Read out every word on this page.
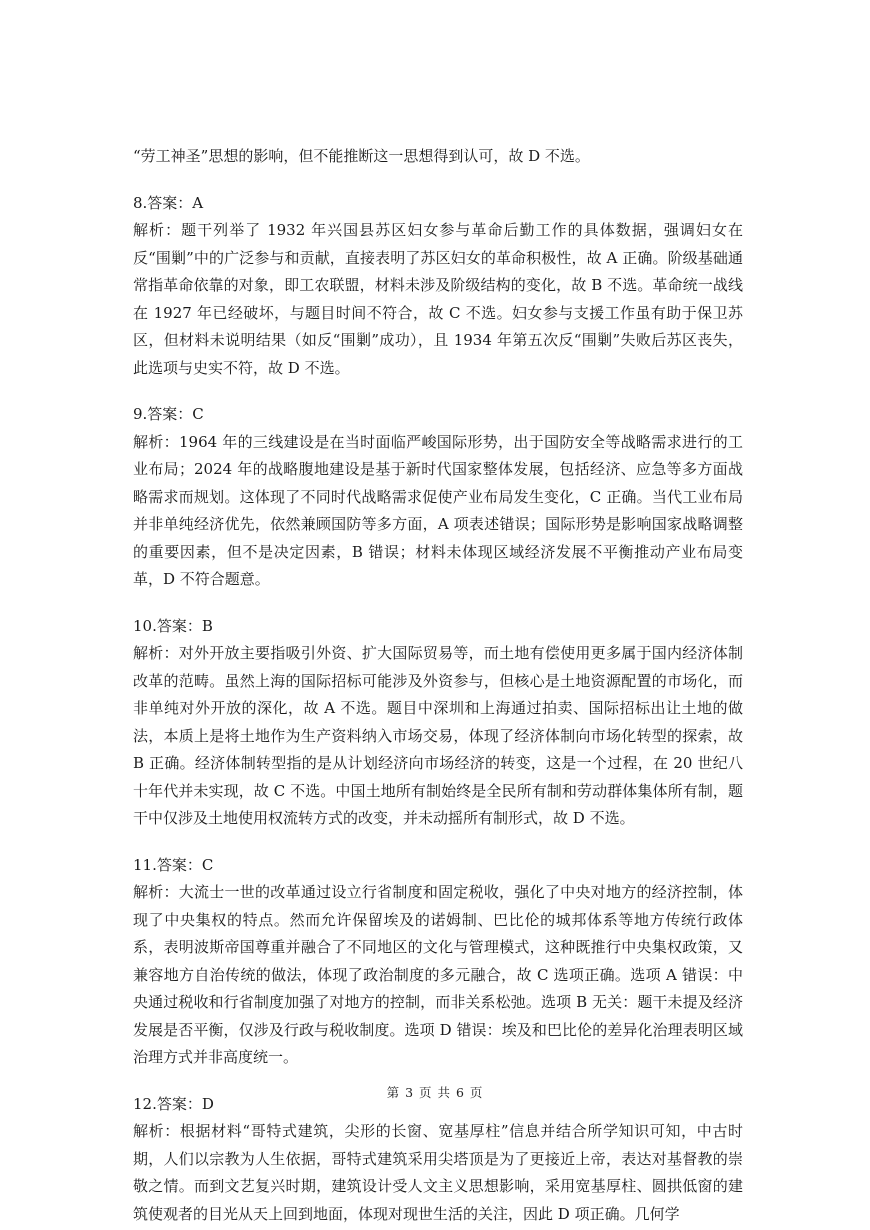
“劳工神圣”思想的影响，但不能推断这一思想得到认可，故 D 不选。

8.答案：A

解析：题干列举了 1932 年兴国县苏区妇女参与革命后勤工作的具体数据，强调妇女在反“围剿”中的广泛参与和贡献，直接表明了苏区妇女的革命积极性，故 A 正确。阶级基础通常指革命依靠的对象，即工农联盟，材料未涉及阶级结构的变化，故 B 不选。革命统一战线在 1927 年已经破坏，与题目时间不符合，故 C 不选。妇女参与支援工作虽有助于保卫苏区，但材料未说明结果（如反“围剿”成功），且 1934 年第五次反“围剿”失败后苏区丧失，此选项与史实不符，故 D 不选。

9.答案：C

解析：1964 年的三线建设是在当时面临严峻国际形势，出于国防安全等战略需求进行的工业布局；2024 年的战略腹地建设是基于新时代国家整体发展，包括经济、应急等多方面战略需求而规划。这体现了不同时代战略需求促使产业布局发生变化，C 正确。当代工业布局并非单纯经济优先，依然兼顾国防等多方面，A 项表述错误；国际形势是影响国家战略调整的重要因素，但不是决定因素，B 错误；材料未体现区域经济发展不平衡推动产业布局变革，D 不符合题意。

10.答案：B

解析：对外开放主要指吸引外资、扩大国际贸易等，而土地有偿使用更多属于国内经济体制改革的范畴。虽然上海的国际招标可能涉及外资参与，但核心是土地资源配置的市场化，而非单纯对外开放的深化，故 A 不选。题目中深圳和上海通过拍卖、国际招标出让土地的做法，本质上是将土地作为生产资料纳入市场交易，体现了经济体制向市场化转型的探索，故 B 正确。经济体制转型指的是从计划经济向市场经济的转变，这是一个过程，在 20 世纪八十年代并未实现，故 C 不选。中国土地所有制始终是全民所有制和劳动群体集体所有制，题干中仅涉及土地使用权流转方式的改变，并未动摇所有制形式，故 D 不选。

11.答案：C

解析：大流士一世的改革通过设立行省制度和固定税收，强化了中央对地方的经济控制，体现了中央集权的特点。然而允许保留埃及的诺姆制、巴比伦的城邦体系等地方传统行政体系，表明波斯帝国尊重并融合了不同地区的文化与管理模式，这种既推行中央集权政策，又兼容地方自治传统的做法，体现了政治制度的多元融合，故 C 选项正确。选项 A 错误：中央通过税收和行省制度加强了对地方的控制，而非关系松弛。选项 B 无关：题干未提及经济发展是否平衡，仅涉及行政与税收制度。选项 D 错误：埃及和巴比伦的差异化治理表明区域治理方式并非高度统一。

12.答案：D

解析：根据材料“哥特式建筑，尖形的长窗、宽基厚柱”信息并结合所学知识可知，中古时期，人们以宗教为人生依据，哥特式建筑采用尖塔顶是为了更接近上帝，表达对基督教的崇敬之情。而到文艺复兴时期，建筑设计受人文主义思想影响，采用宽基厚柱、圆拱低窗的建筑使观者的目光从天上回到地面，体现对现世生活的关注，因此 D 项正确。几何学

第 3 页 共 6 页
